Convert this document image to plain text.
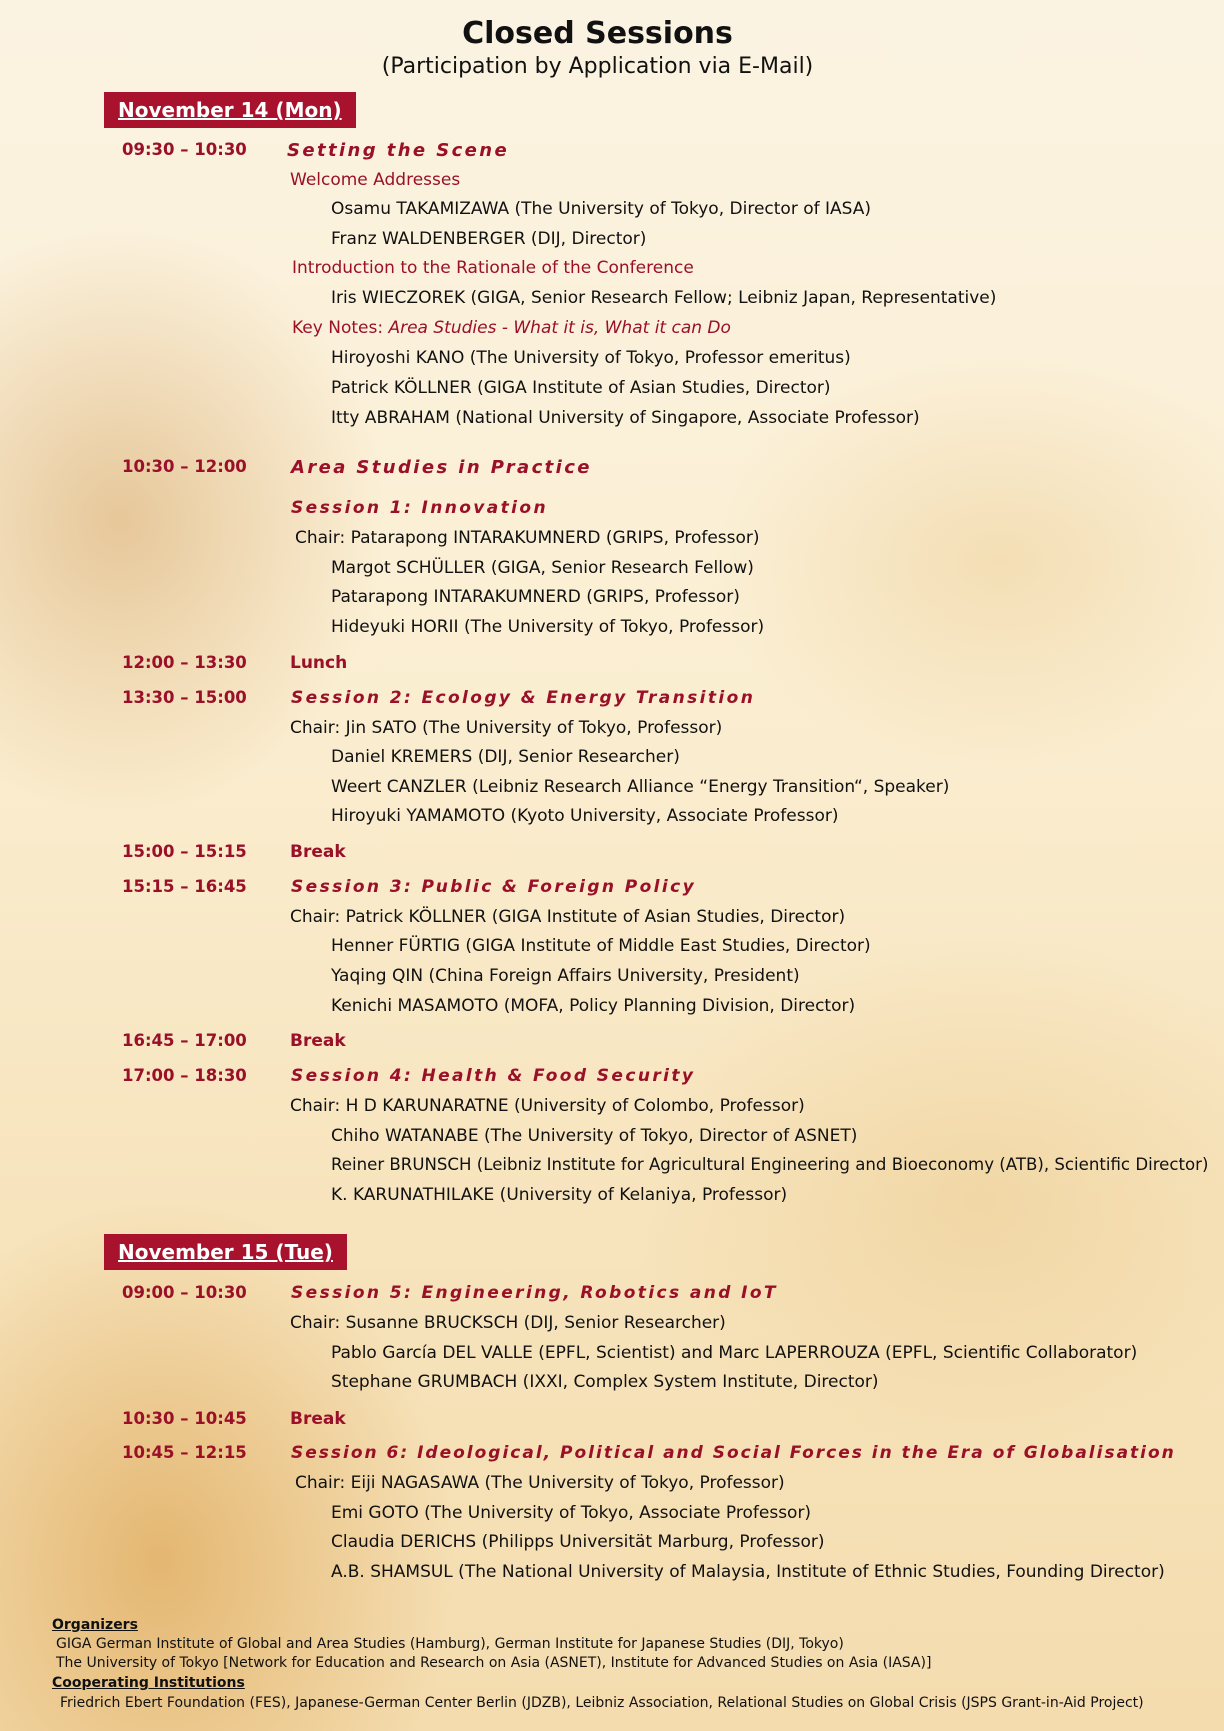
Closed Sessions
(Participation by Application via E-Mail)
November 14 (Mon)
09:30 – 10:30 Setting the Scene
Welcome Addresses
Osamu TAKAMIZAWA (The University of Tokyo, Director of IASA)
Franz WALDENBERGER (DIJ, Director)
Introduction to the Rationale of the Conference
Iris WIECZOREK (GIGA, Senior Research Fellow; Leibniz Japan, Representative)
Key Notes: Area Studies - What it is, What it can Do
Hiroyoshi KANO (The University of Tokyo, Professor emeritus)
Patrick KÖLLNER (GIGA Institute of Asian Studies, Director)
Itty ABRAHAM (National University of Singapore, Associate Professor)
10:30 – 12:00 Area Studies in Practice
Session 1: Innovation
Chair: Patarapong INTARAKUMNERD (GRIPS, Professor)
Margot SCHÜLLER (GIGA, Senior Research Fellow)
Patarapong INTARAKUMNERD (GRIPS, Professor)
Hideyuki HORII (The University of Tokyo, Professor)
12:00 – 13:30	Lunch
13:30 – 15:00	Session 2: Ecology & Energy Transition
Chair: Jin SATO (The University of Tokyo, Professor)
Daniel KREMERS (DIJ, Senior Researcher)
Weert CANZLER (Leibniz Research Alliance “Energy Transition“, Speaker)
Hiroyuki YAMAMOTO (Kyoto University, Associate Professor)
15:00 – 15:15	Break
15:15 – 16:45	Session 3: Public & Foreign Policy
Chair: Patrick KÖLLNER (GIGA Institute of Asian Studies, Director)
Henner FÜRTIG (GIGA Institute of Middle East Studies, Director)
Yaqing QIN (China Foreign Affairs University, President)
Kenichi MASAMOTO (MOFA, Policy Planning Division, Director)
16:45 – 17:00	Break
17:00 – 18:30	Session 4: Health & Food Security
Chair: H D KARUNARATNE (University of Colombo, Professor)
Chiho WATANABE (The University of Tokyo, Director of ASNET)
Reiner BRUNSCH (Leibniz Institute for Agricultural Engineering and Bioeconomy (ATB), Scientific Director)
K. KARUNATHILAKE (University of Kelaniya, Professor)
November 15 (Tue)
09:00 – 10:30	Session 5: Engineering, Robotics and IoT
Chair: Susanne BRUCKSCH (DIJ, Senior Researcher)
Pablo García DEL VALLE (EPFL, Scientist) and Marc LAPERROUZA (EPFL, Scientific Collaborator)
Stephane GRUMBACH (IXXI, Complex System Institute, Director)
10:30 – 10:45	Break
10:45 – 12:15	Session 6: Ideological, Political and Social Forces in the Era of Globalisation
Chair: Eiji NAGASAWA (The University of Tokyo, Professor)
Emi GOTO (The University of Tokyo, Associate Professor)
Claudia DERICHS (Philipps Universität Marburg, Professor)
A.B. SHAMSUL (The National University of Malaysia, Institute of Ethnic Studies, Founding Director)
Organizers
GIGA German Institute of Global and Area Studies (Hamburg), German Institute for Japanese Studies (DIJ, Tokyo)
The University of Tokyo [Network for Education and Research on Asia (ASNET), Institute for Advanced Studies on Asia (IASA)]
Cooperating Institutions
Friedrich Ebert Foundation (FES), Japanese-German Center Berlin (JDZB), Leibniz Association, Relational Studies on Global Crisis (JSPS Grant-in-Aid Project)
